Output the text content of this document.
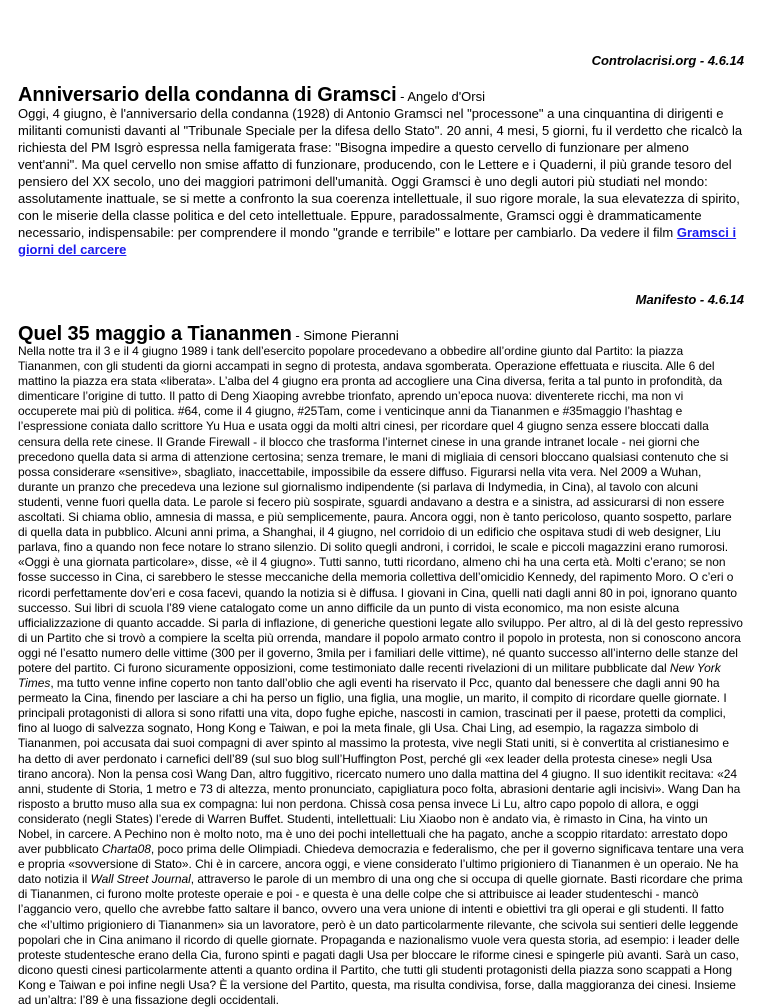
Controlacrisi.org - 4.6.14
Anniversario della condanna di Gramsci - Angelo d'Orsi

Oggi, 4 giugno, è l'anniversario della condanna (1928) di Antonio Gramsci nel "processone" a una cinquantina di dirigenti e militanti comunisti davanti al "Tribunale Speciale per la difesa dello Stato". 20 anni, 4 mesi, 5 giorni, fu il verdetto che ricalcò la richiesta del PM Isgrò espressa nella famigerata frase: "Bisogna impedire a questo cervello di funzionare per almeno vent'anni". Ma quel cervello non smise affatto di funzionare, producendo, con le Lettere e i Quaderni, il più grande tesoro del pensiero del XX secolo, uno dei maggiori patrimoni dell'umanità. Oggi Gramsci è uno degli autori più studiati nel mondo: assolutamente inattuale, se si mette a confronto la sua coerenza intellettuale, il suo rigore morale, la sua elevatezza di spirito, con le miserie della classe politica e del ceto intellettuale. Eppure, paradossalmente, Gramsci oggi è drammaticamente necessario, indispensabile: per comprendere il mondo "grande e terribile" e lottare per cambiarlo. Da vedere il film Gramsci i giorni del carcere

Manifesto - 4.6.14
Quel 35 maggio a Tiananmen - Simone Pieranni

Nella notte tra il 3 e il 4 giugno 1989 i tank dell’esercito popolare procedevano a obbedire all’ordine giunto dal Partito: la piazza Tiananmen, con gli studenti da giorni accampati in segno di protesta, andava sgomberata. Operazione effettuata e riuscita. Alle 6 del mattino la piazza era stata «liberata». L’alba del 4 giugno era pronta ad accogliere una Cina diversa, ferita a tal punto in profondità, da dimenticare l’origine di tutto. Il patto di Deng Xiaoping avrebbe trionfato, aprendo un’epoca nuova: diventerete ricchi, ma non vi occuperete mai più di politica. #64, come il 4 giugno, #25Tam, come i venticinque anni da Tiananmen e #35maggio l’hashtag e l’espressione coniata dallo scrittore Yu Hua e usata oggi da molti altri cinesi, per ricordare quel 4 giugno senza essere bloccati dalla censura della rete cinese. Il Grande Firewall - il blocco che trasforma l’internet cinese in una grande intranet locale - nei giorni che precedono quella data si arma di attenzione certosina; senza tremare, le mani di migliaia di censori bloccano qualsiasi contenuto che si possa considerare «sensitive», sbagliato, inaccettabile, impossibile da essere diffuso. Figurarsi nella vita vera. Nel 2009 a Wuhan, durante un pranzo che precedeva una lezione sul giornalismo indipendente (si parlava di Indymedia, in Cina), al tavolo con alcuni studenti, venne fuori quella data. Le parole si fecero più sospirate, sguardi andavano a destra e a sinistra, ad assicurarsi di non essere ascoltati. Si chiama oblio, amnesia di massa, e più semplicemente, paura. Ancora oggi, non è tanto pericoloso, quanto sospetto, parlare di quella data in pubblico. Alcuni anni prima, a Shanghai, il 4 giugno, nel corridoio di un edificio che ospitava studi di web designer, Liu parlava, fino a quando non fece notare lo strano silenzio. Di solito quegli androni, i corridoi, le scale e piccoli magazzini erano rumorosi. «Oggi è una giornata particolare», disse, «è il 4 giugno». Tutti sanno, tutti ricordano, almeno chi ha una certa età. Molti c’erano; se non fosse successo in Cina, ci sarebbero le stesse meccaniche della memoria collettiva dell’omicidio Kennedy, del rapimento Moro. O c’eri o ricordi perfettamente dov’eri e cosa facevi, quando la notizia si è diffusa. I giovani in Cina, quelli nati dagli anni 80 in poi, ignorano quanto successo. Sui libri di scuola l’89 viene catalogato come un anno difficile da un punto di vista economico, ma non esiste alcuna ufficializzazione di quanto accadde. Si parla di inflazione, di generiche questioni legate allo sviluppo. Per altro, al di là del gesto repressivo di un Partito che si trovò a compiere la scelta più orrenda, mandare il popolo armato contro il popolo in protesta, non si conoscono ancora oggi né l’esatto numero delle vittime (300 per il governo, 3mila per i familiari delle vittime), né quanto successo all’interno delle stanze del potere del partito. Ci furono sicuramente opposizioni, come testimoniato dalle recenti rivelazioni di un militare pubblicate dal New York Times, ma tutto venne infine coperto non tanto dall’oblio che agli eventi ha riservato il Pcc, quanto dal benessere che dagli anni 90 ha permeato la Cina, finendo per lasciare a chi ha perso un figlio, una figlia, una moglie, un marito, il compito di ricordare quelle giornate. I principali protagonisti di allora si sono rifatti una vita, dopo fughe epiche, nascosti in camion, trascinati per il paese, protetti da complici, fino al luogo di salvezza sognato, Hong Kong e Taiwan, e poi la meta finale, gli Usa. Chai Ling, ad esempio, la ragazza simbolo di Tiananmen, poi accusata dai suoi compagni di aver spinto al massimo la protesta, vive negli Stati uniti, si è convertita al cristianesimo e ha detto di aver perdonato i carnefici dell’89 (sul suo blog sull’Huffington Post, perché gli «ex leader della protesta cinese» negli Usa tirano ancora). Non la pensa così Wang Dan, altro fuggitivo, ricercato numero uno dalla mattina del 4 giugno. Il suo identikit recitava: «24 anni, studente di Storia, 1 metro e 73 di altezza, mento pronunciato, capigliatura poco folta, abrasioni dentarie agli incisivi». Wang Dan ha risposto a brutto muso alla sua ex compagna: lui non perdona. Chissà cosa pensa invece Li Lu, altro capo popolo di allora, e oggi considerato (negli States) l’erede di Warren Buffet. Studenti, intellettuali: Liu Xiaobo non è andato via, è rimasto in Cina, ha vinto un Nobel, in carcere. A Pechino non è molto noto, ma è uno dei pochi intellettuali che ha pagato, anche a scoppio ritardato: arrestato dopo aver pubblicato Charta08, poco prima delle Olimpiadi. Chiedeva democrazia e federalismo, che per il governo significava tentare una vera e propria «sovversione di Stato». Chi è in carcere, ancora oggi, e viene considerato l’ultimo prigioniero di Tiananmen è un operaio. Ne ha dato notizia il Wall Street Journal, attraverso le parole di un membro di una ong che si occupa di quelle giornate. Basti ricordare che prima di Tiananmen, ci furono molte proteste operaie e poi - e questa è una delle colpe che si attribuisce ai leader studenteschi - mancò l’aggancio vero, quello che avrebbe fatto saltare il banco, ovvero una vera unione di intenti e obiettivi tra gli operai e gli studenti. Il fatto che «l’ultimo prigioniero di Tiananmen» sia un lavoratore, però è un dato particolarmente rilevante, che scivola sui sentieri delle leggende popolari che in Cina animano il ricordo di quelle giornate. Propaganda e nazionalismo vuole vera questa storia, ad esempio: i leader delle proteste studentesche erano della Cia, furono spinti e pagati dagli Usa per bloccare le riforme cinesi e spingerle più avanti. Sarà un caso, dicono questi cinesi particolarmente attenti a quanto ordina il Partito, che tutti gli studenti protagonisti della piazza sono scappati a Hong Kong e Taiwan e poi infine negli Usa? È la versione del Partito, questa, ma risulta condivisa, forse, dalla maggioranza dei cinesi. Insieme ad un’altra: l’89 è una fissazione degli occidentali.
